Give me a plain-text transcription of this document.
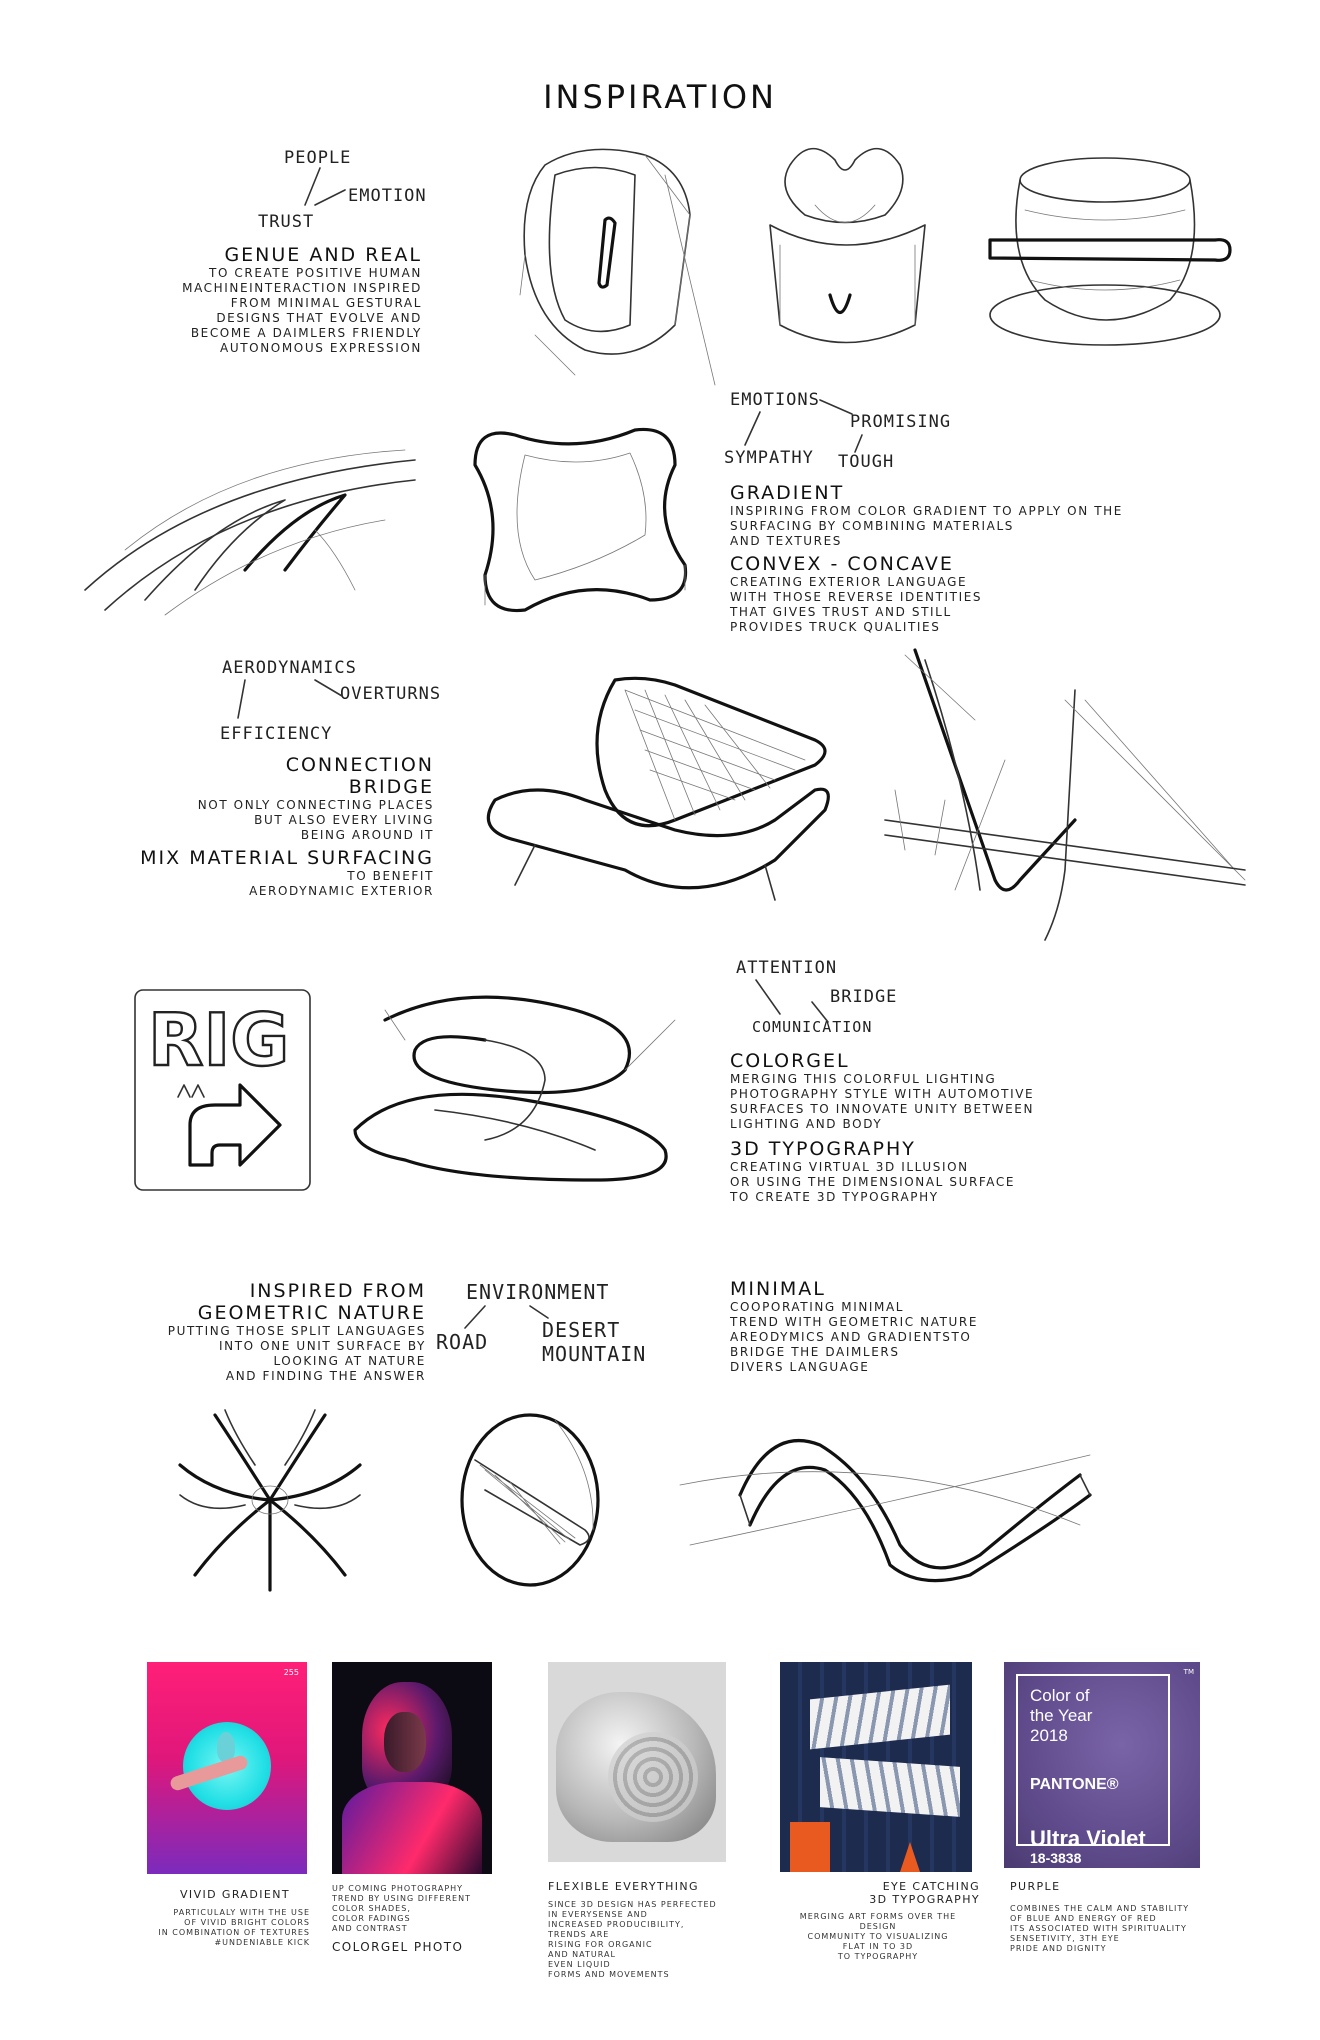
INSPIRATION
PEOPLE
EMOTION
TRUST
GENUE AND REAL
TO CREATE POSITIVE HUMAN
MACHINEINTERACTION INSPIRED
FROM MINIMAL GESTURAL
DESIGNS THAT EVOLVE AND
BECOME A DAIMLERS FRIENDLY
AUTONOMOUS EXPRESSION
EMOTIONS
PROMISING
SYMPATHY TOUGH
GRADIENT
INSPIRING FROM COLOR GRADIENT TO APPLY ON THE
SURFACING BY COMBINING MATERIALS
AND TEXTURES
CONVEX - CONCAVE
CREATING EXTERIOR LANGUAGE
WITH THOSE REVERSE IDENTITIES
THAT GIVES TRUST AND STILL
PROVIDES TRUCK QUALITIES
AERODYNAMICS
OVERTURNS
EFFICIENCY
CONNECTION
BRIDGE
NOT ONLY CONNECTING PLACES
BUT ALSO EVERY LIVING
BEING AROUND IT
MIX MATERIAL SURFACING
TO BENEFIT
AERODYNAMIC EXTERIOR
RIG
ATTENTION
BRIDGE
COMUNICATION
COLORGEL
MERGING THIS COLORFUL LIGHTING
PHOTOGRAPHY STYLE WITH AUTOMOTIVE
SURFACES TO INNOVATE UNITY BETWEEN
LIGHTING AND BODY
3D TYPOGRAPHY
CREATING VIRTUAL 3D ILLUSION
OR USING THE DIMENSIONAL SURFACE
TO CREATE 3D TYPOGRAPHY
INSPIRED FROM
GEOMETRIC NATURE
PUTTING THOSE SPLIT LANGUAGES
INTO ONE UNIT SURFACE BY
LOOKING AT NATURE
AND FINDING THE ANSWER
ENVIRONMENT
ROAD	DESERT
MOUNTAIN
MINIMAL
COOPORATING MINIMAL
TREND WITH GEOMETRIC NATURE
AREODYMICS AND GRADIENTSTO
BRIDGE THE DAIMLERS
DIVERS LANGUAGE
255
Color of
the Year
2018
PANTONE®
Ultra Violet
18-3838
TM
VIVID GRADIENT
PARTICULALY WITH THE USE
OF VIVID BRIGHT COLORS
IN COMBINATION OF TEXTURES
#UNDENIABLE KICK
UP COMING PHOTOGRAPHY
TREND BY USING DIFFERENT
COLOR SHADES,
COLOR FADINGS
AND CONTRAST
COLORGEL PHOTO
FLEXIBLE EVERYTHING
SINCE 3D DESIGN HAS PERFECTED
IN EVERYSENSE AND
INCREASED PRODUCIBILITY,
TRENDS ARE
RISING FOR ORGANIC
AND NATURAL
EVEN LIQUID
FORMS AND MOVEMENTS
EYE CATCHING
3D TYPOGRAPHY
MERGING ART FORMS OVER THE DESIGN
COMMUNITY TO VISUALIZING
FLAT IN TO 3D
TO TYPOGRAPHY
PURPLE
COMBINES THE CALM AND STABILITY
OF BLUE AND ENERGY OF RED
ITS ASSOCIATED WITH SPIRITUALITY
SENSETIVITY, 3TH EYE
PRIDE AND DIGNITY
